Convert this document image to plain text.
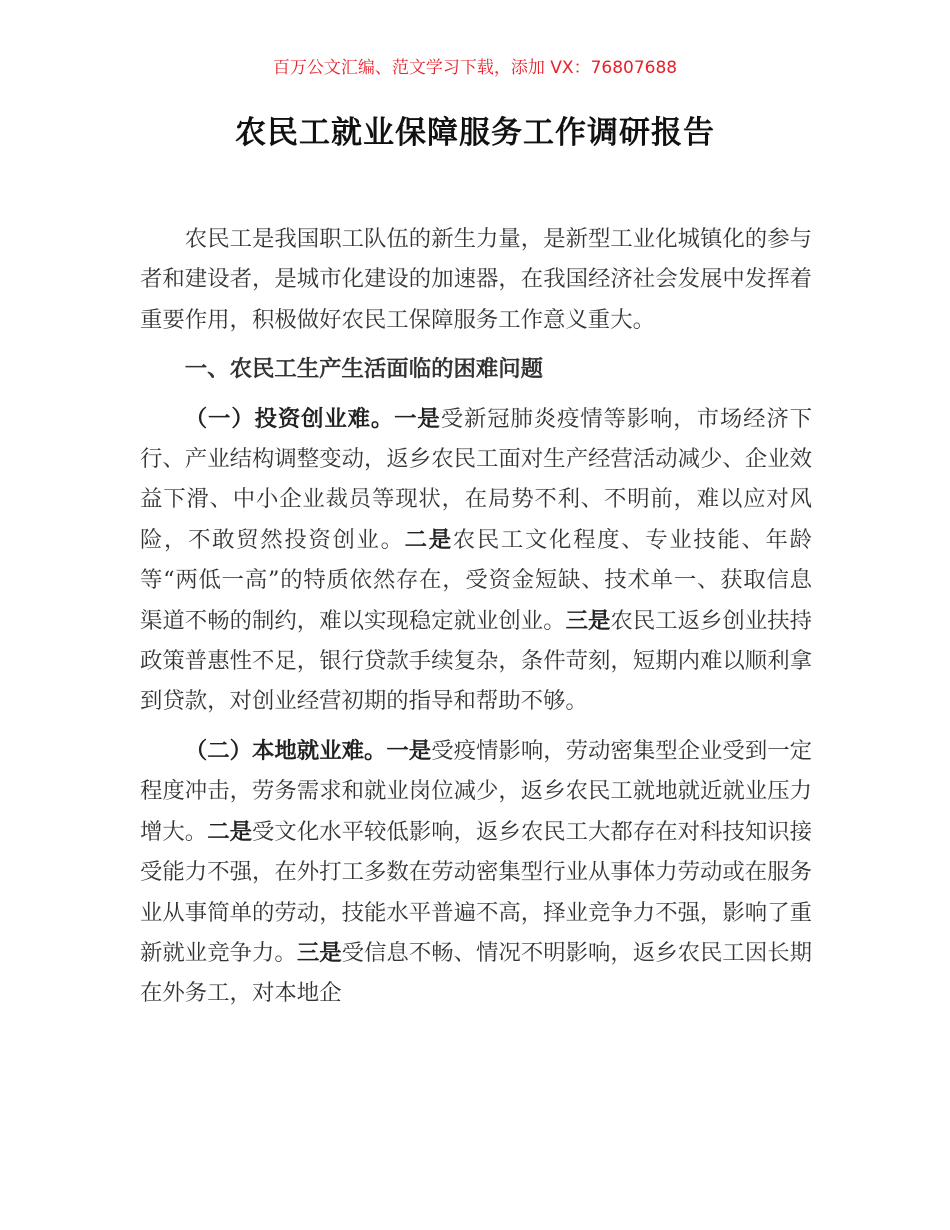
百万公文汇编、范文学习下载，添加 VX：76807688
农民工就业保障服务工作调研报告

农民工是我国职工队伍的新生力量，是新型工业化城镇化的参与者和建设者，是城市化建设的加速器，在我国经济社会发展中发挥着重要作用，积极做好农民工保障服务工作意义重大。

一、农民工生产生活面临的困难问题

（一）投资创业难。一是受新冠肺炎疫情等影响，市场经济下行、产业结构调整变动，返乡农民工面对生产经营活动减少、企业效益下滑、中小企业裁员等现状，在局势不利、不明前，难以应对风险，不敢贸然投资创业。二是农民工文化程度、专业技能、年龄等“两低一高”的特质依然存在，受资金短缺、技术单一、获取信息渠道不畅的制约，难以实现稳定就业创业。三是农民工返乡创业扶持政策普惠性不足，银行贷款手续复杂，条件苛刻，短期内难以顺利拿到贷款，对创业经营初期的指导和帮助不够。

（二）本地就业难。一是受疫情影响，劳动密集型企业受到一定程度冲击，劳务需求和就业岗位减少，返乡农民工就地就近就业压力增大。二是受文化水平较低影响，返乡农民工大都存在对科技知识接受能力不强，在外打工多数在劳动密集型行业从事体力劳动或在服务业从事简单的劳动，技能水平普遍不高，择业竞争力不强，影响了重新就业竞争力。三是受信息不畅、情况不明影响，返乡农民工因长期在外务工，对本地企
